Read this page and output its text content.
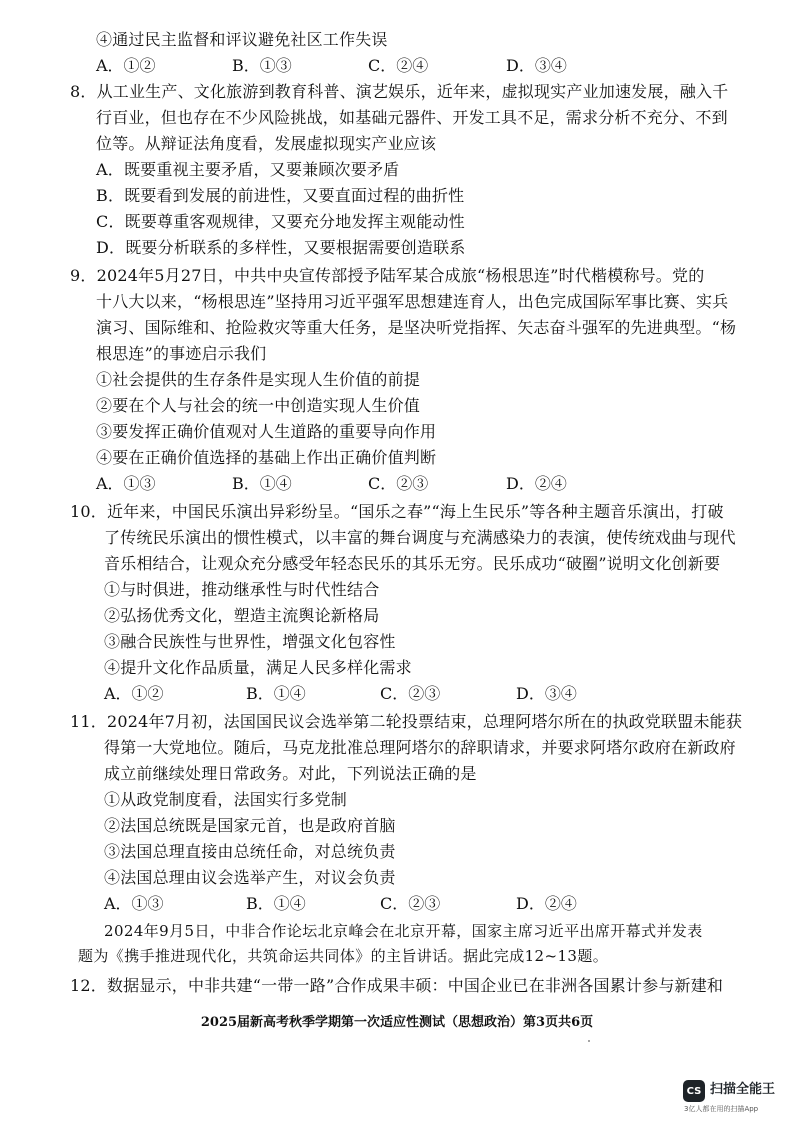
④通过民主监督和评议避免社区工作失误
A．①②	B．①③	C．②④	D．③④
8．从工业生产、文化旅游到教育科普、演艺娱乐，近年来，虚拟现实产业加速发展，融入千
行百业，但也存在不少风险挑战，如基础元器件、开发工具不足，需求分析不充分、不到
位等。从辩证法角度看，发展虚拟现实产业应该
A．既要重视主要矛盾，又要兼顾次要矛盾
B．既要看到发展的前进性，又要直面过程的曲折性
C．既要尊重客观规律，又要充分地发挥主观能动性
D．既要分析联系的多样性，又要根据需要创造联系
9．2024年5月27日，中共中央宣传部授予陆军某合成旅“杨根思连”时代楷模称号。党的
十八大以来，“杨根思连”坚持用习近平强军思想建连育人，出色完成国际军事比赛、实兵
演习、国际维和、抢险救灾等重大任务，是坚决听党指挥、矢志奋斗强军的先进典型。“杨
根思连”的事迹启示我们
①社会提供的生存条件是实现人生价值的前提
②要在个人与社会的统一中创造实现人生价值
③要发挥正确价值观对人生道路的重要导向作用
④要在正确价值选择的基础上作出正确价值判断
A．①③	B．①④	C．②③	D．②④
10．近年来，中国民乐演出异彩纷呈。“国乐之春”“海上生民乐”等各种主题音乐演出，打破
了传统民乐演出的惯性模式，以丰富的舞台调度与充满感染力的表演，使传统戏曲与现代
音乐相结合，让观众充分感受年轻态民乐的其乐无穷。民乐成功“破圈”说明文化创新要
①与时俱进，推动继承性与时代性结合
②弘扬优秀文化，塑造主流舆论新格局
③融合民族性与世界性，增强文化包容性
④提升文化作品质量，满足人民多样化需求
A．①②	B．①④	C．②③	D．③④
11．2024年7月初，法国国民议会选举第二轮投票结束，总理阿塔尔所在的执政党联盟未能获
得第一大党地位。随后，马克龙批准总理阿塔尔的辞职请求，并要求阿塔尔政府在新政府
成立前继续处理日常政务。对此，下列说法正确的是
①从政党制度看，法国实行多党制
②法国总统既是国家元首，也是政府首脑
③法国总理直接由总统任命，对总统负责
④法国总理由议会选举产生，对议会负责
A．①③	B．①④	C．②③	D．②④
2024年9月5日，中非合作论坛北京峰会在北京开幕，国家主席习近平出席开幕式并发表
题为《携手推进现代化，共筑命运共同体》的主旨讲话。据此完成12~13题。
12．数据显示，中非共建“一带一路”合作成果丰硕：中国企业已在非洲各国累计参与新建和
2025届新高考秋季学期第一次适应性测试（思想政治）第3页共6页
CS 扫描全能王
3亿人都在用的扫描App
